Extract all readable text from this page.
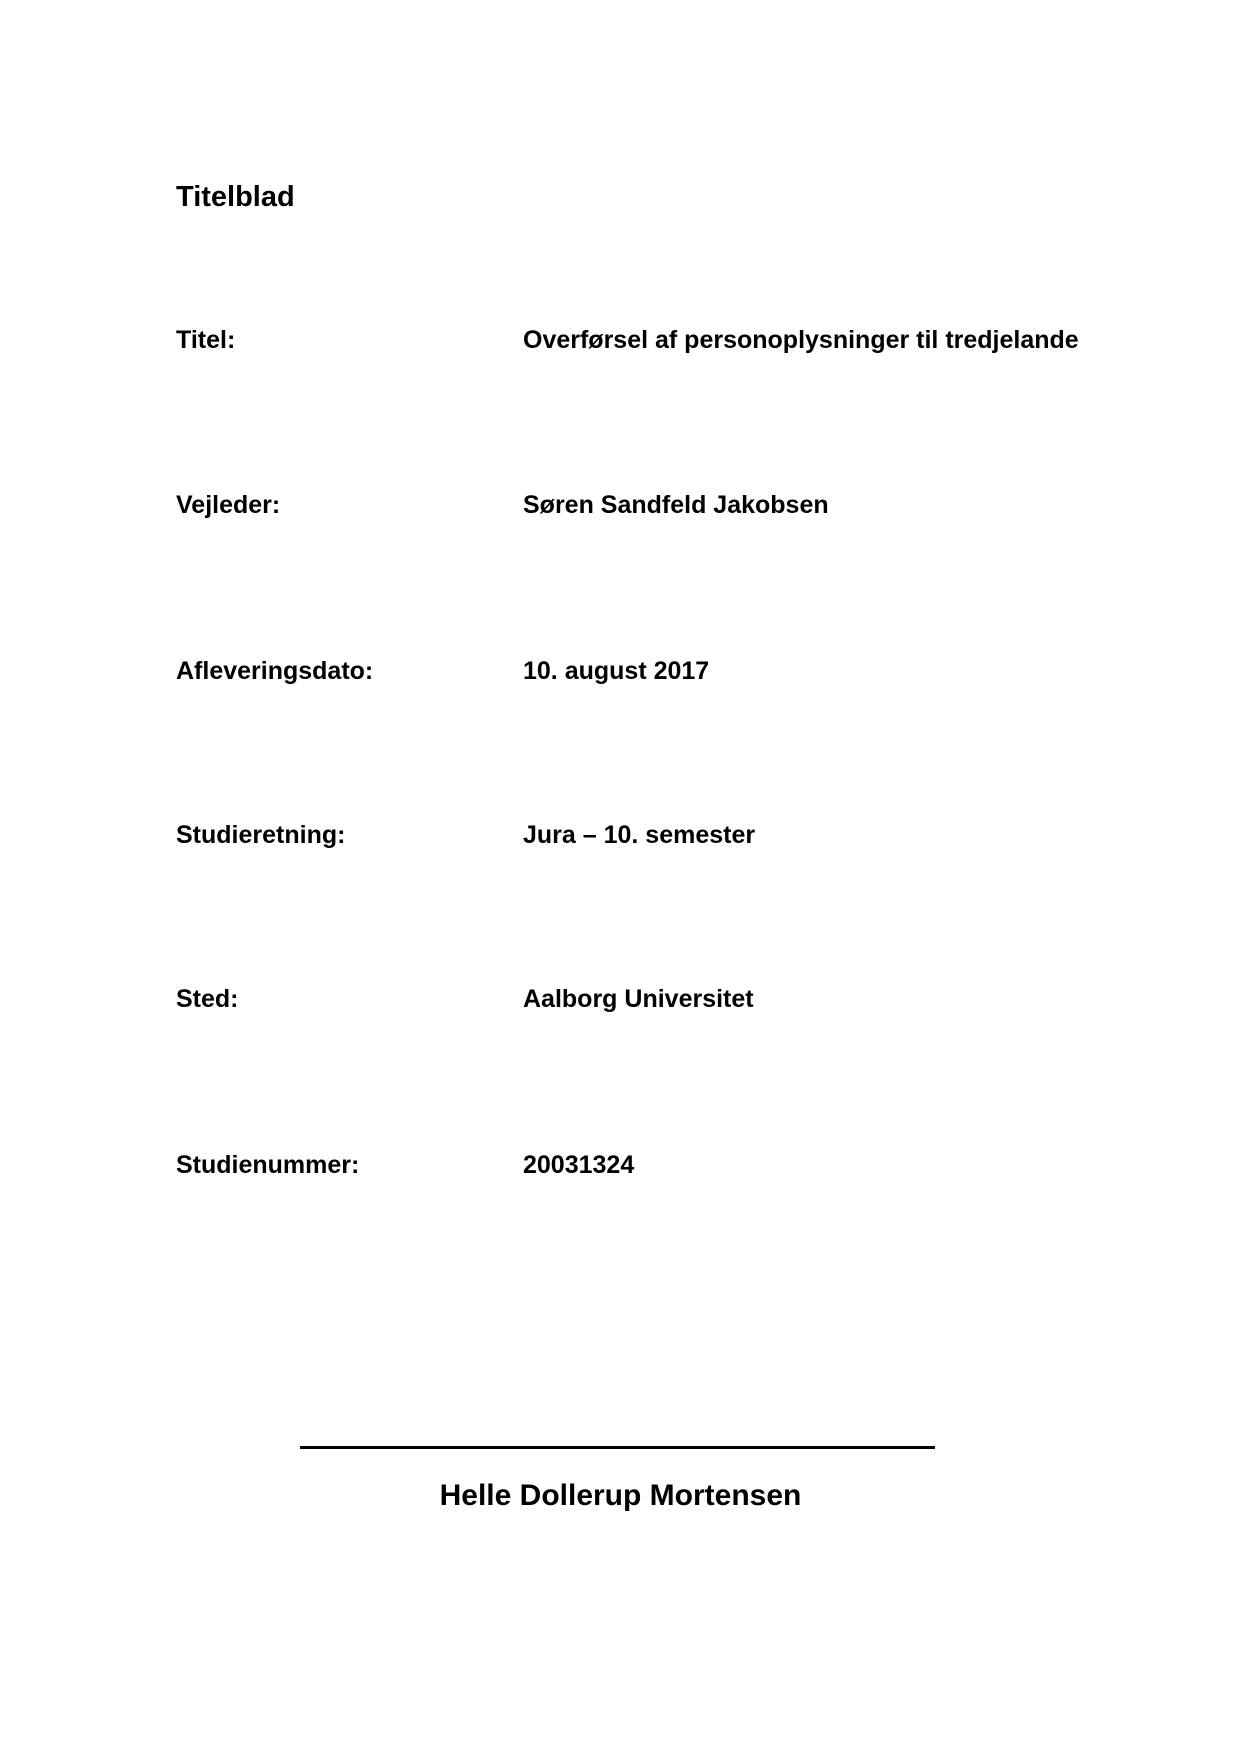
Titelblad
Titel:	Overførsel af personoplysninger til tredjelande
Vejleder:	Søren Sandfeld Jakobsen
Afleveringsdato:	10. august 2017
Studieretning:	Jura – 10. semester
Sted:	Aalborg Universitet
Studienummer:	20031324
Helle Dollerup Mortensen
